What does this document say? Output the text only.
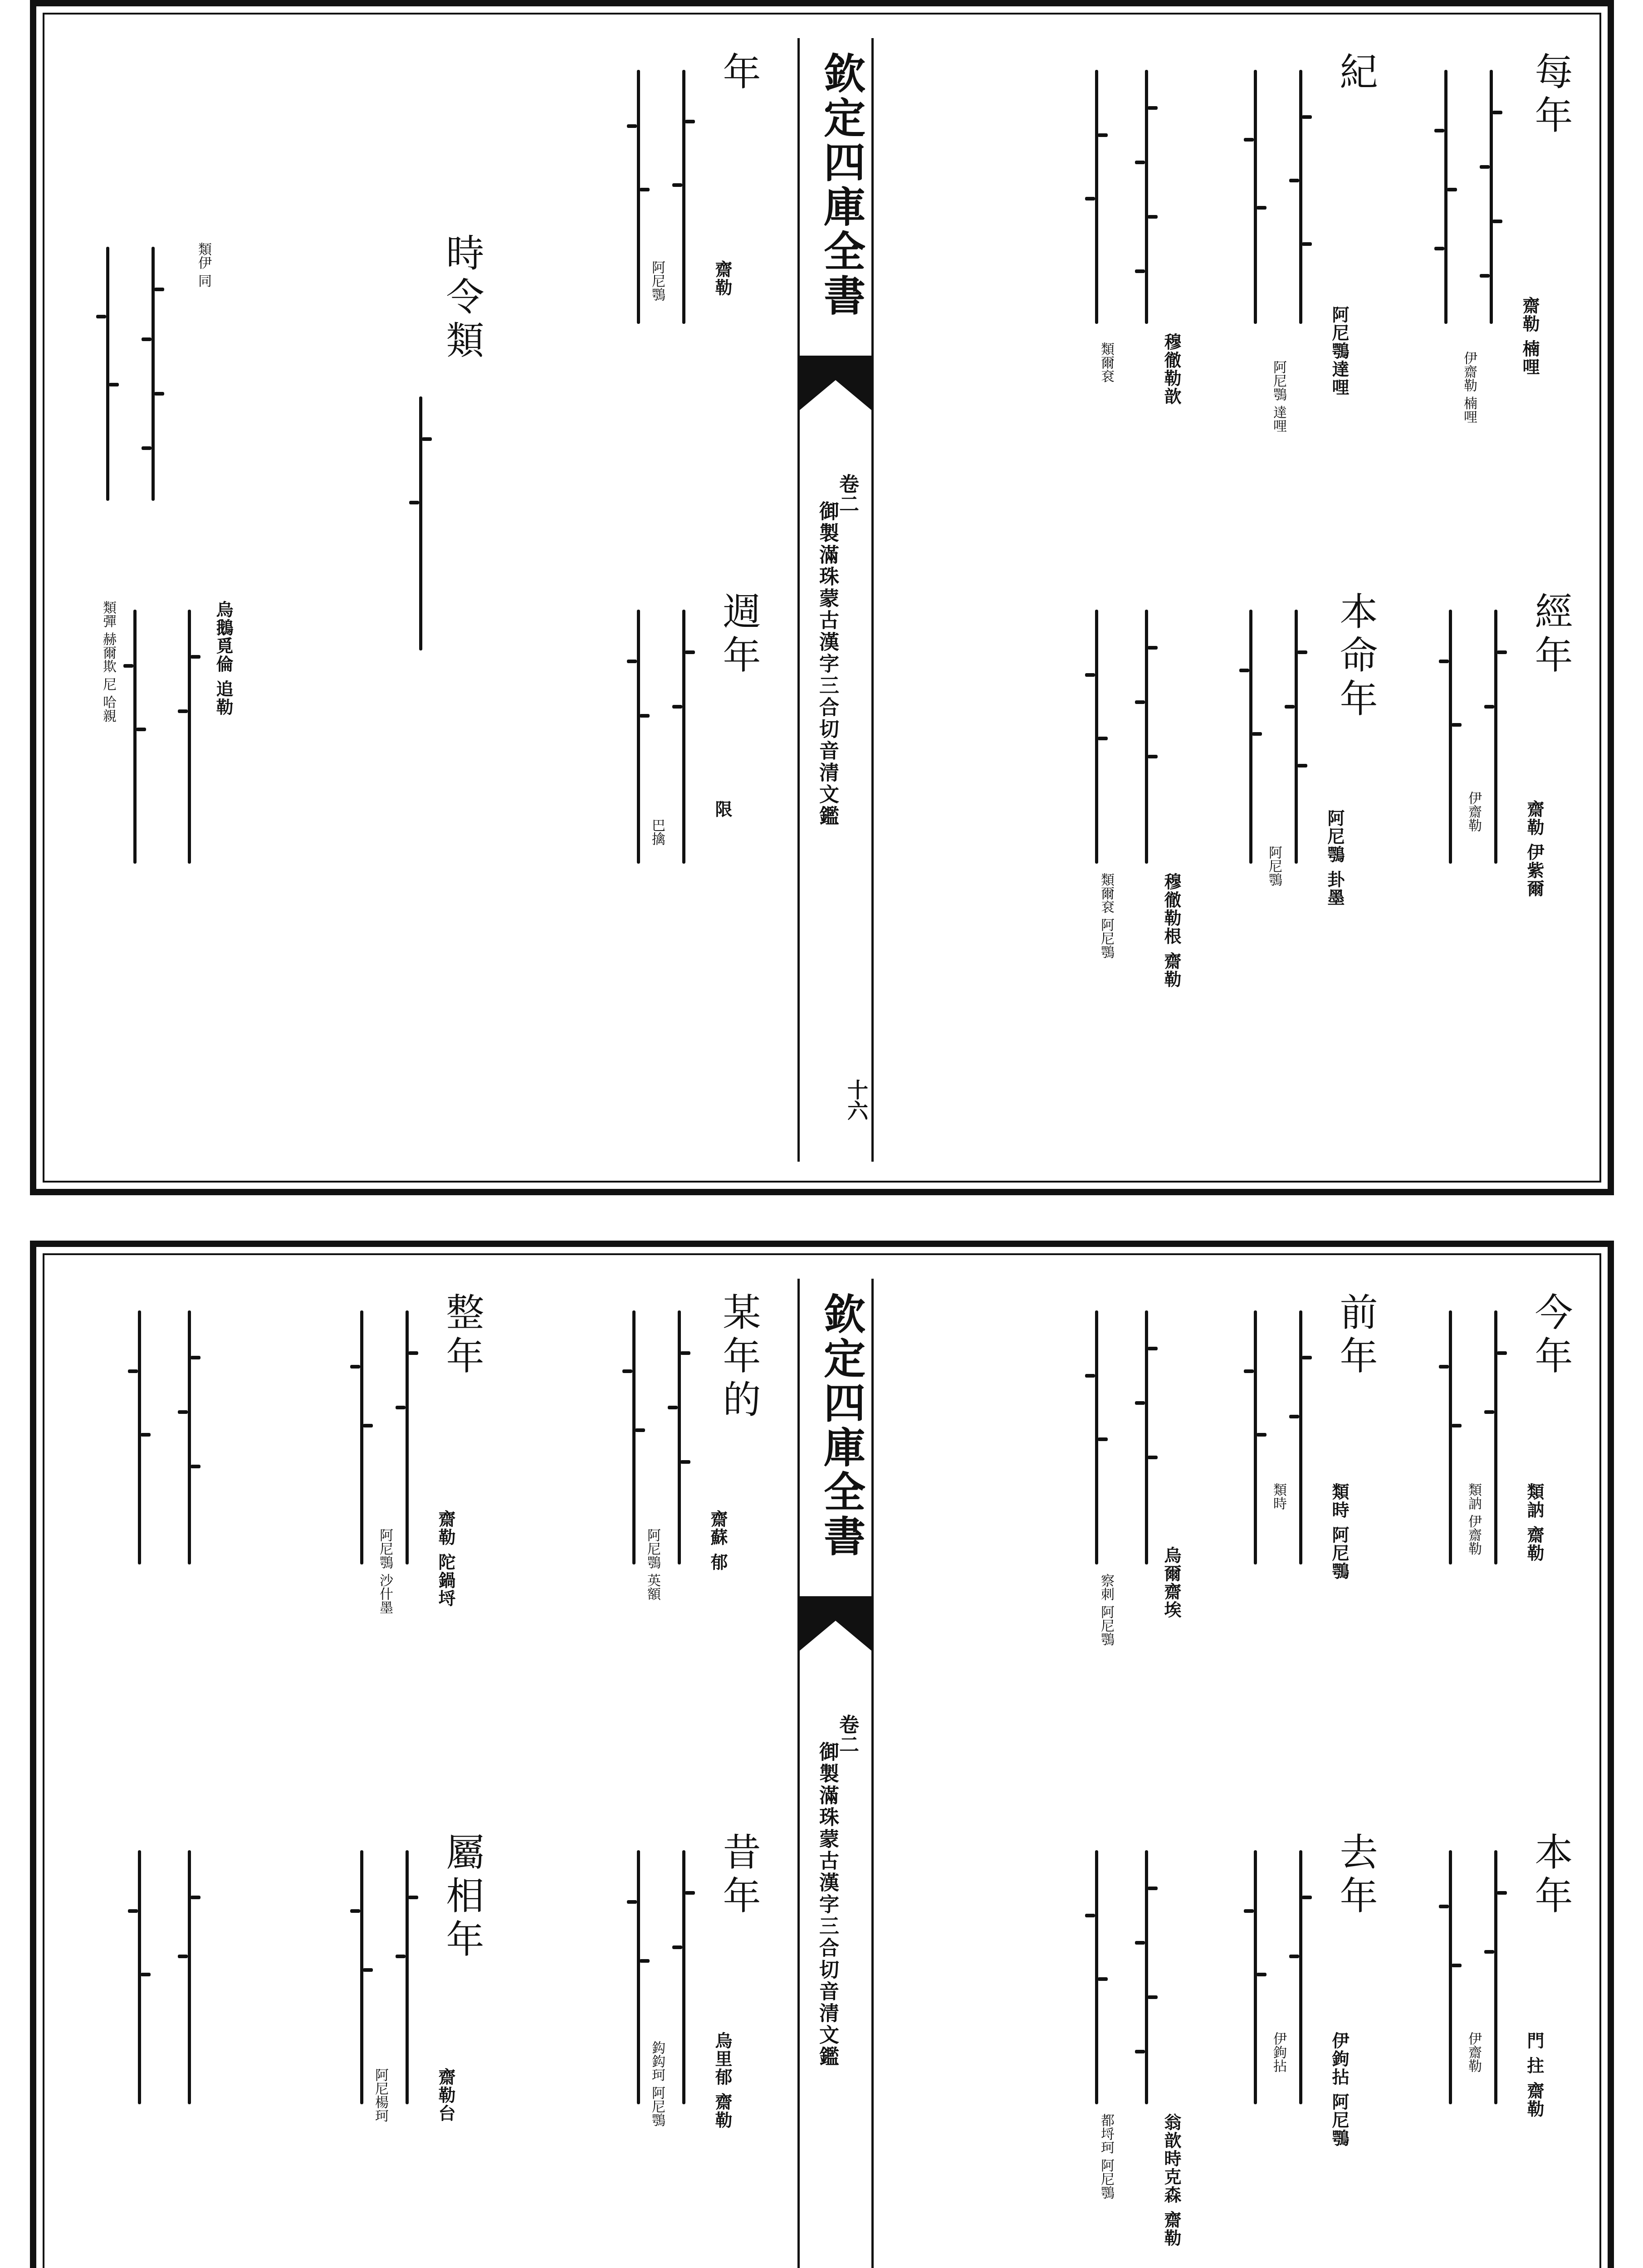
欽定四庫全書
卷二
御製滿珠蒙古漢字三合切音清文鑑
十六
每年
齋勒 楠哩
伊齋勒 楠哩
紀
阿尼鶚達哩
阿尼鶚 達哩
穆徹勒歆
類爾袞
年
齋勒
阿尼鶚
時令類
類伊 同
經年
齋勒 伊紫爾
伊齋勒
本命年
阿尼鶚 卦墨
阿尼鶚
穆徹勒根 齋勒
類爾袞 阿尼鶚
週年
限
巴擒
烏鵝覓倫 追勒
類彈 赫爾欺 尼 哈親
欽定四庫全書
卷二
御製滿珠蒙古漢字三合切音清文鑑
今年
類訥 齋勒
類訥 伊齋勒
前年
類時 阿尼鶚
類時
烏爾齋埃
察刺 阿尼鶚
某年的
齋蘇 郁
阿尼鶚 英額
整年
齋勒 陀鍋埒
阿尼鶚 沙什墨
本年
門 拄 齋勒
伊齋勒
去年
伊鉤拈 阿尼鶚
伊鉤拈
翁歆時克森 齋勒
都埒珂 阿尼鶚
昔年
烏里郁 齋勒
鈎鈎珂 阿尼鶚
屬相年
齋勒台
阿尼楊珂
